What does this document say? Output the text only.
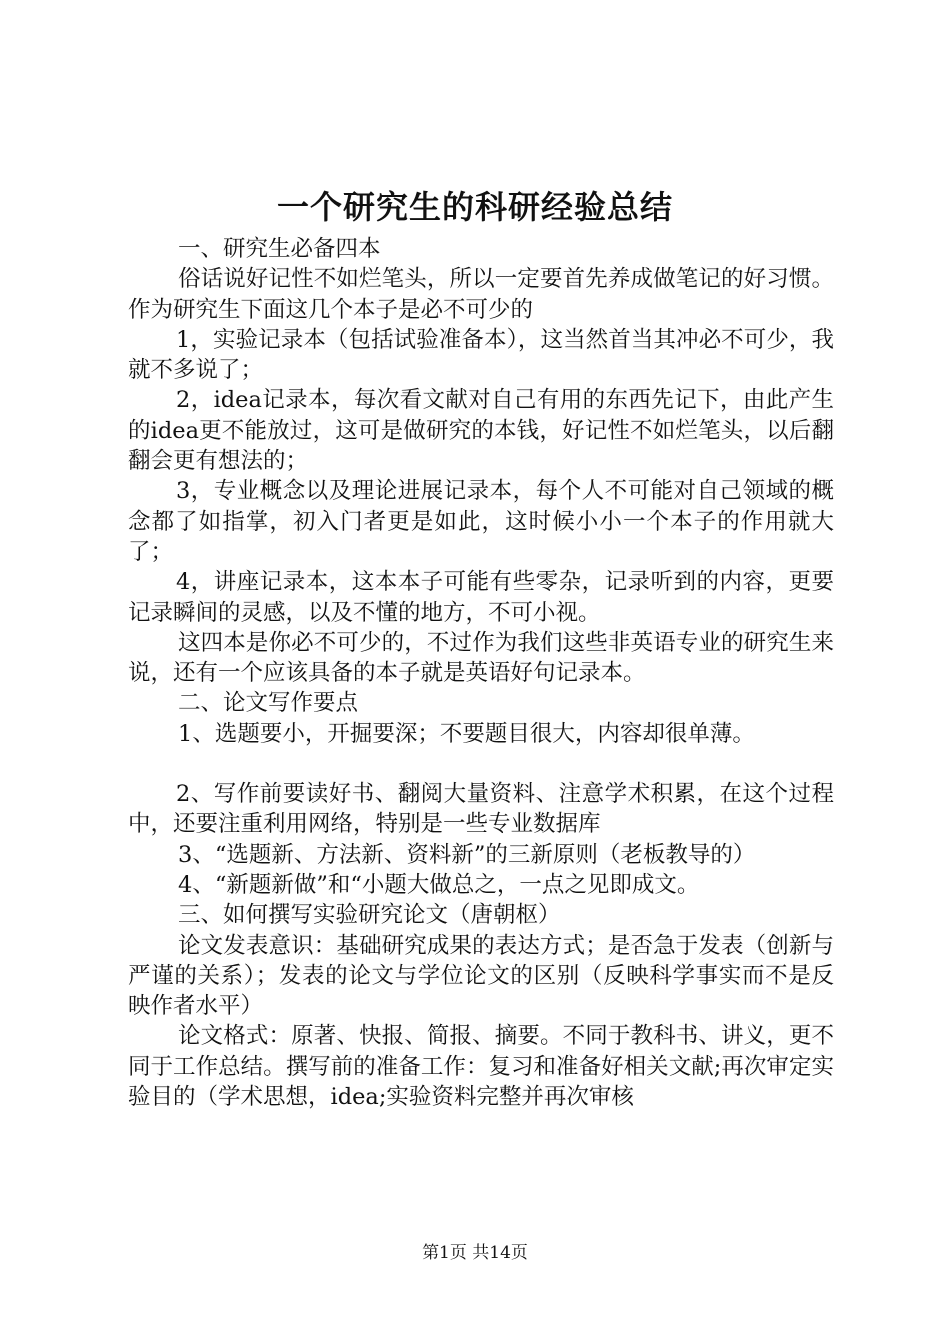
一个研究生的科研经验总结

一、研究生必备四本

俗话说好记性不如烂笔头，所以一定要首先养成做笔记的好习惯。作为研究生下面这几个本子是必不可少的

1，实验记录本（包括试验准备本），这当然首当其冲必不可少，我就不多说了；

2，idea记录本，每次看文献对自己有用的东西先记下，由此产生的idea更不能放过，这可是做研究的本钱，好记性不如烂笔头，以后翻翻会更有想法的；

3，专业概念以及理论进展记录本，每个人不可能对自己领域的概念都了如指掌，初入门者更是如此，这时候小小一个本子的作用就大了；

4，讲座记录本，这本本子可能有些零杂，记录听到的内容，更要记录瞬间的灵感，以及不懂的地方，不可小视。

这四本是你必不可少的，不过作为我们这些非英语专业的研究生来说，还有一个应该具备的本子就是英语好句记录本。

二、论文写作要点

1、选题要小，开掘要深；不要题目很大，内容却很单薄。

2、写作前要读好书、翻阅大量资料、注意学术积累，在这个过程中，还要注重利用网络，特别是一些专业数据库

3、“选题新、方法新、资料新”的三新原则（老板教导的）

4、“新题新做”和“小题大做总之，一点之见即成文。

三、如何撰写实验研究论文（唐朝枢）

论文发表意识：基础研究成果的表达方式；是否急于发表（创新与严谨的关系）；发表的论文与学位论文的区别（反映科学事实而不是反映作者水平）

论文格式：原著、快报、简报、摘要。不同于教科书、讲义，更不同于工作总结。撰写前的准备工作：复习和准备好相关文献;再次审定实验目的（学术思想，idea;实验资料完整并再次审核

第1页 共14页
